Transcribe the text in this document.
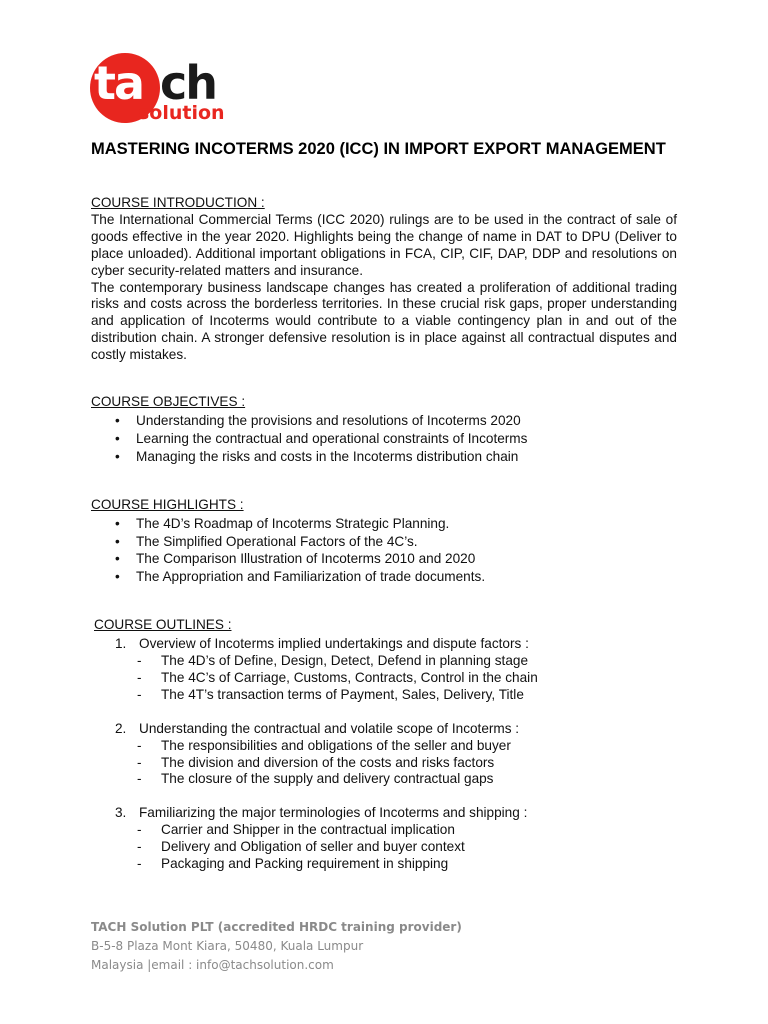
ta ch
solution
MASTERING INCOTERMS 2020 (ICC) IN IMPORT EXPORT MANAGEMENT

COURSE INTRODUCTION :

The International Commercial Terms (ICC 2020) rulings are to be used in the contract of sale of goods effective in the year 2020. Highlights being the change of name in DAT to DPU (Deliver to place unloaded). Additional important obligations in FCA, CIP, CIF, DAP, DDP and resolutions on cyber security-related matters and insurance.

The contemporary business landscape changes has created a proliferation of additional trading risks and costs across the borderless territories. In these crucial risk gaps, proper understanding and application of Incoterms would contribute to a viable contingency plan in and out of the distribution chain. A stronger defensive resolution is in place against all contractual disputes and costly mistakes.

COURSE OBJECTIVES :

• Understanding the provisions and resolutions of Incoterms 2020
• Learning the contractual and operational constraints of Incoterms
• Managing the risks and costs in the Incoterms distribution chain

COURSE HIGHLIGHTS :

• The 4D’s Roadmap of Incoterms Strategic Planning.
• The Simplified Operational Factors of the 4C’s.
• The Comparison Illustration of Incoterms 2010 and 2020
• The Appropriation and Familiarization of trade documents.

COURSE OUTLINES :

1. Overview of Incoterms implied undertakings and dispute factors :
- The 4D’s of Define, Design, Detect, Defend in planning stage
- The 4C’s of Carriage, Customs, Contracts, Control in the chain
- The 4T’s transaction terms of Payment, Sales, Delivery, Title
2. Understanding the contractual and volatile scope of Incoterms :
- The responsibilities and obligations of the seller and buyer
- The division and diversion of the costs and risks factors
- The closure of the supply and delivery contractual gaps
3. Familiarizing the major terminologies of Incoterms and shipping :
- Carrier and Shipper in the contractual implication
- Delivery and Obligation of seller and buyer context
- Packaging and Packing requirement in shipping
TACH Solution PLT (accredited HRDC training provider)
B-5-8 Plaza Mont Kiara, 50480, Kuala Lumpur
Malaysia |email : info@tachsolution.com
